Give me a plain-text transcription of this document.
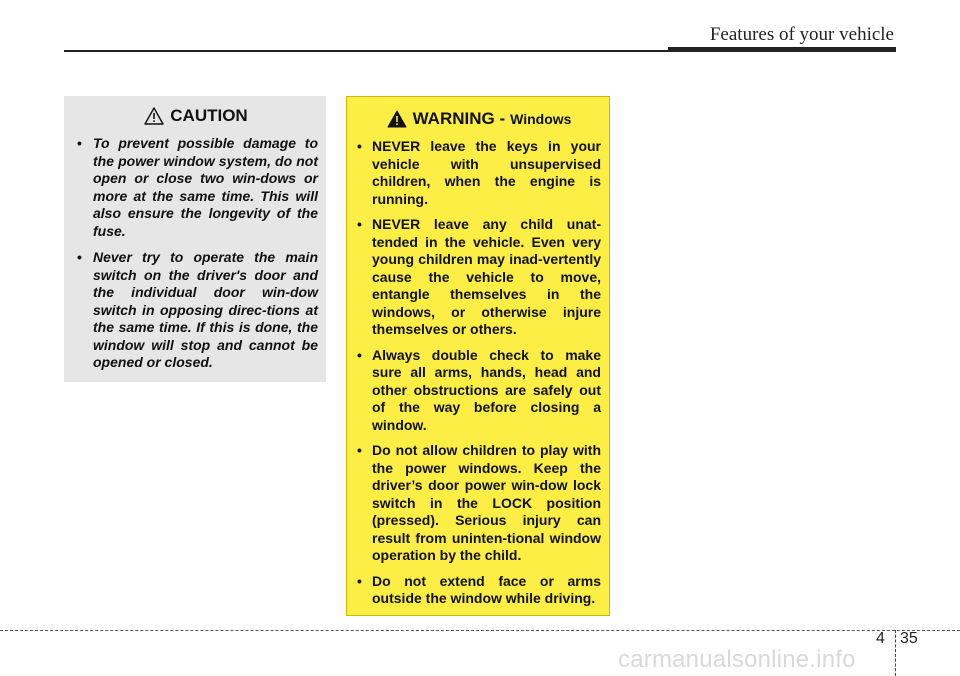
Features of your vehicle
CAUTION
• To prevent possible damage to the power window system, do not open or close two win-dows or more at the same time. This will also ensure the longevity of the fuse.
• Never try to operate the main switch on the driver's door and the individual door win-dow switch in opposing direc-tions at the same time. If this is done, the window will stop and cannot be opened or closed.
WARNING - Windows
• NEVER leave the keys in your vehicle with unsupervised children, when the engine is running.
• NEVER leave any child unat-tended in the vehicle. Even very young children may inad-vertently cause the vehicle to move, entangle themselves in the windows, or otherwise injure themselves or others.
• Always double check to make sure all arms, hands, head and other obstructions are safely out of the way before closing a window.
• Do not allow children to play with the power windows. Keep the driver’s door power win-dow lock switch in the LOCK position (pressed). Serious injury can result from uninten-tional window operation by the child.
• Do not extend face or arms outside the window while driving.
4 35
carmanualsonline.info
